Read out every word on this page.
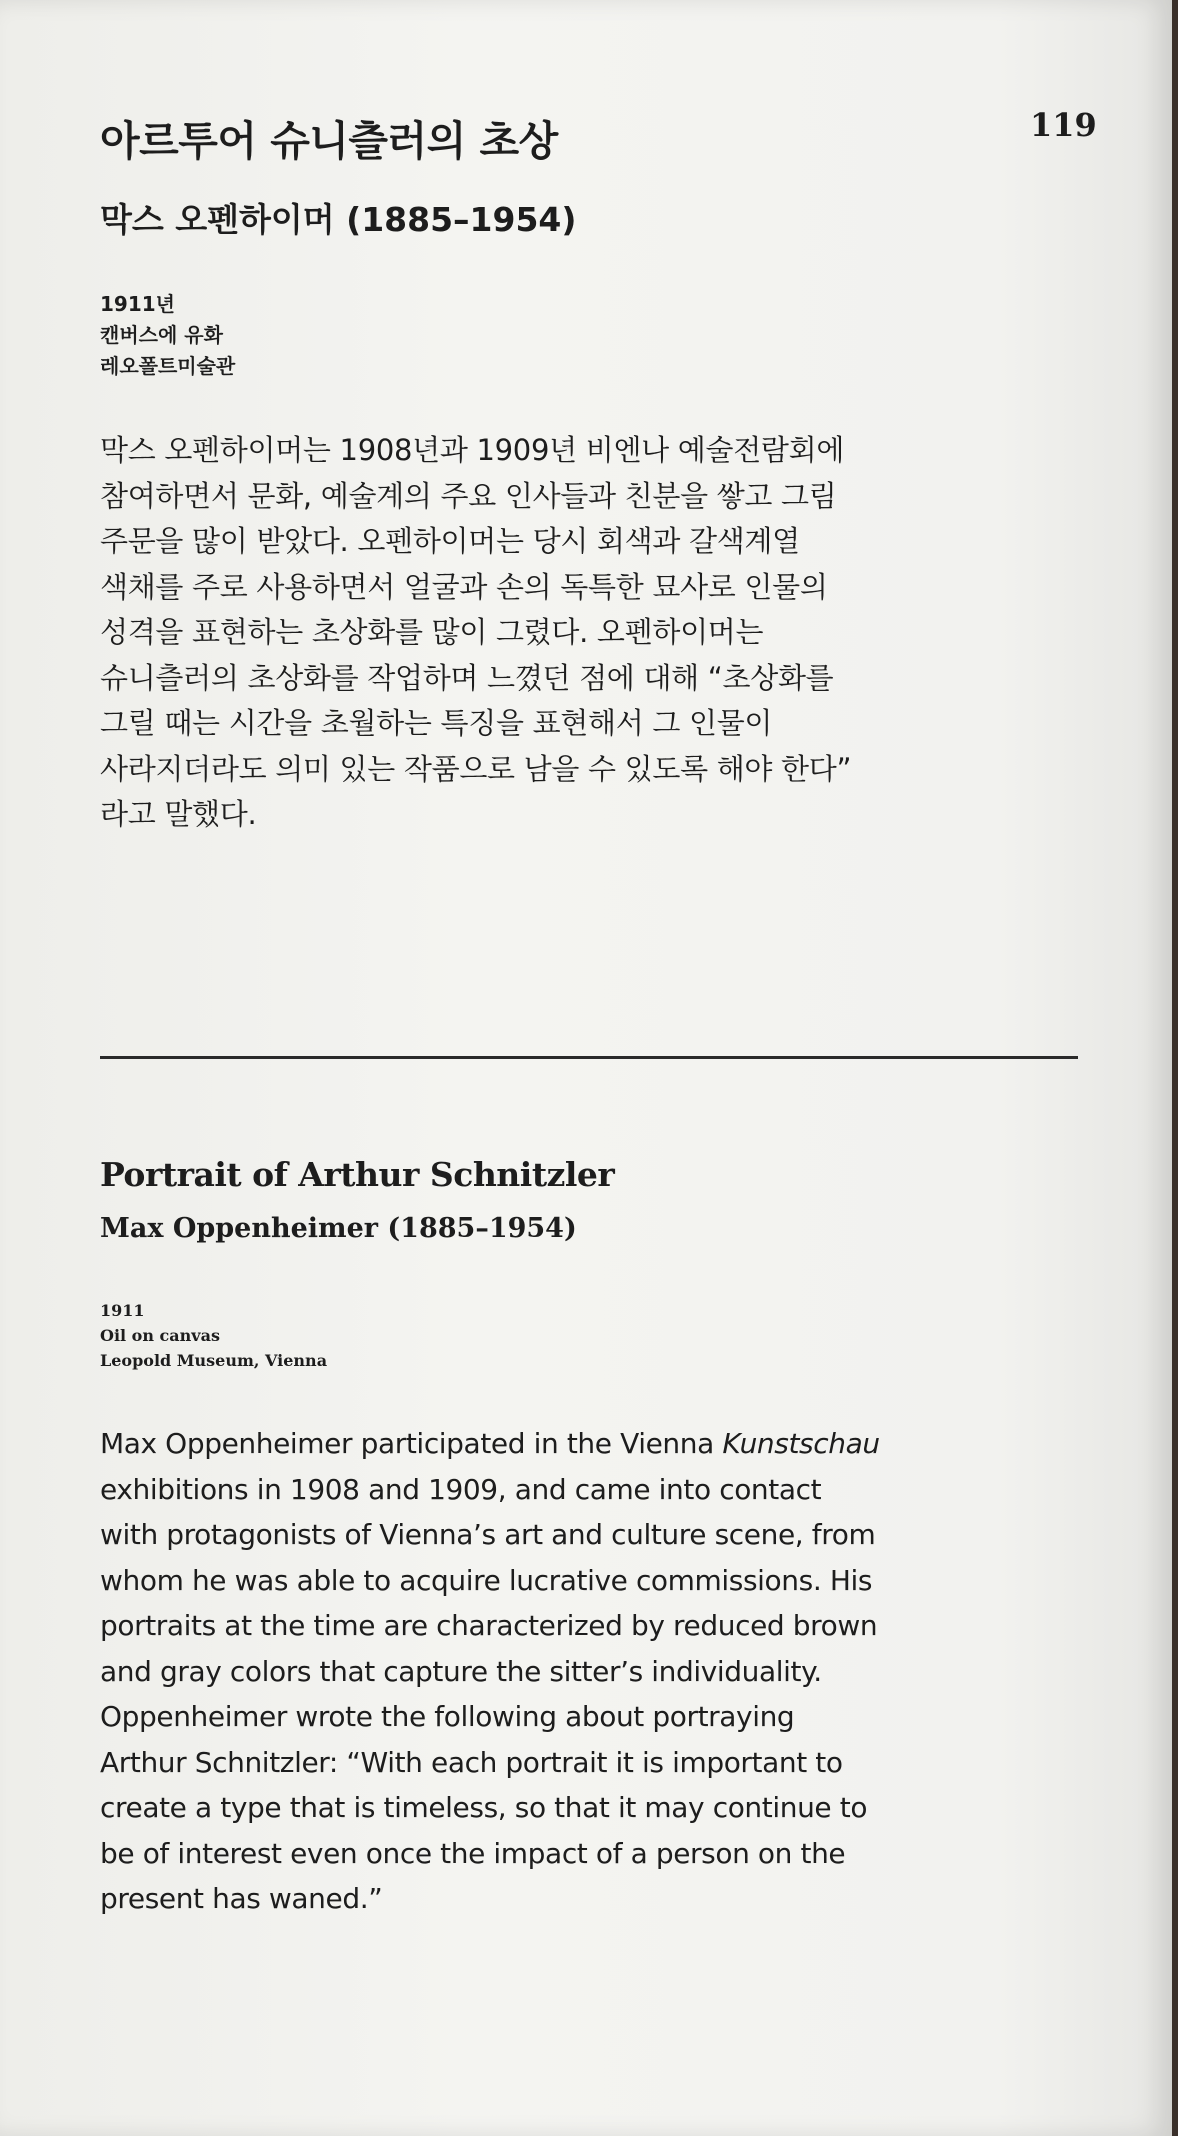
아르투어 슈니츨러의 초상	119
막스 오펜하이머 (1885–1954)
1911년
캔버스에 유화
레오폴트미술관
막스 오펜하이머는 1908년과 1909년 비엔나 예술전람회에
참여하면서 문화, 예술계의 주요 인사들과 친분을 쌓고 그림
주문을 많이 받았다. 오펜하이머는 당시 회색과 갈색계열
색채를 주로 사용하면서 얼굴과 손의 독특한 묘사로 인물의
성격을 표현하는 초상화를 많이 그렸다. 오펜하이머는
슈니츨러의 초상화를 작업하며 느꼈던 점에 대해 “초상화를
그릴 때는 시간을 초월하는 특징을 표현해서 그 인물이
사라지더라도 의미 있는 작품으로 남을 수 있도록 해야 한다”
라고 말했다.
Portrait of Arthur Schnitzler
Max Oppenheimer (1885–1954)
1911
Oil on canvas
Leopold Museum, Vienna
Max Oppenheimer participated in the Vienna Kunstschau
exhibitions in 1908 and 1909, and came into contact
with protagonists of Vienna’s art and culture scene, from
whom he was able to acquire lucrative commissions. His
portraits at the time are characterized by reduced brown
and gray colors that capture the sitter’s individuality.
Oppenheimer wrote the following about portraying
Arthur Schnitzler: “With each portrait it is important to
create a type that is timeless, so that it may continue to
be of interest even once the impact of a person on the
present has waned.”
